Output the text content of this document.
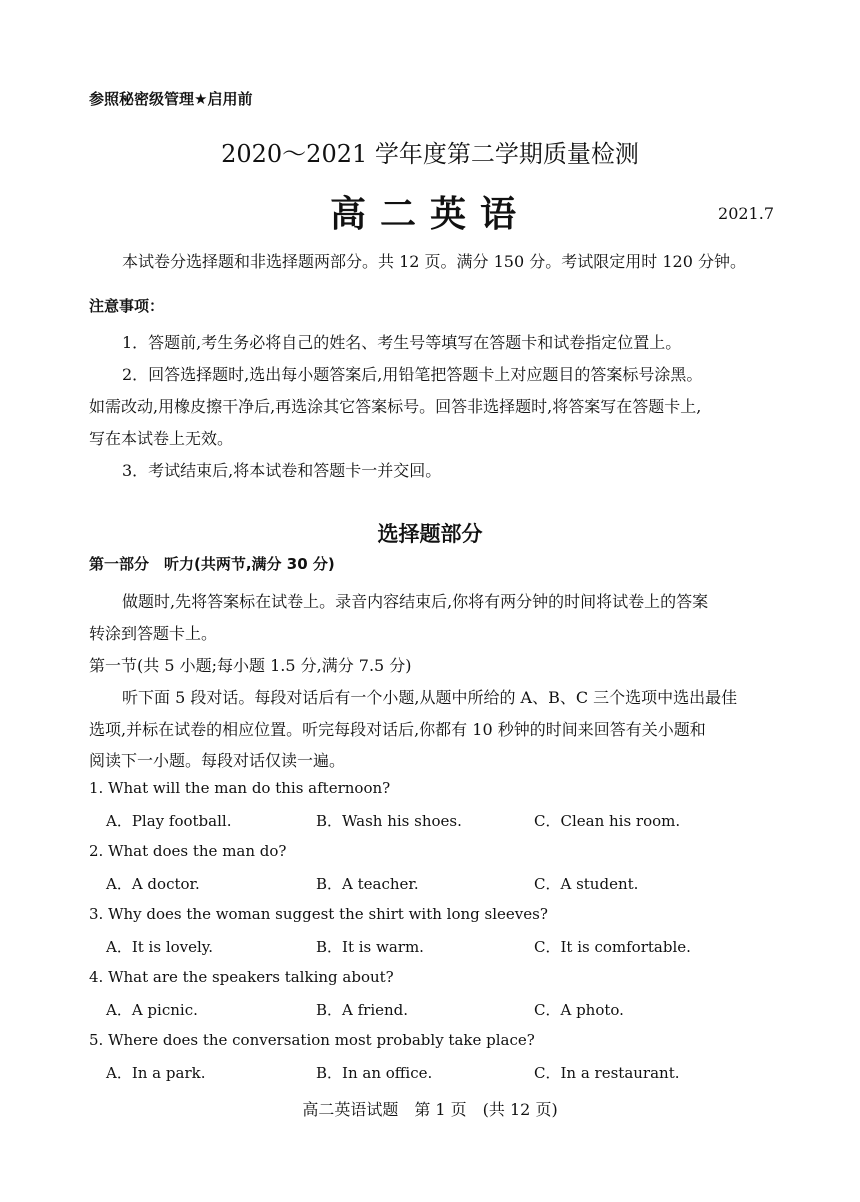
参照秘密级管理★启用前
2020～2021 学年度第二学期质量检测
高二英语	2021.7
本试卷分选择题和非选择题两部分。共 12 页。满分 150 分。考试限定用时 120 分钟。
注意事项：
1．答题前,考生务必将自己的姓名、考生号等填写在答题卡和试卷指定位置上。
2．回答选择题时,选出每小题答案后,用铅笔把答题卡上对应题目的答案标号涂黑。
如需改动,用橡皮擦干净后,再选涂其它答案标号。回答非选择题时,将答案写在答题卡上,
写在本试卷上无效。
3．考试结束后,将本试卷和答题卡一并交回。
选择题部分
第一部分　听力(共两节,满分 30 分)
做题时,先将答案标在试卷上。录音内容结束后,你将有两分钟的时间将试卷上的答案
转涂到答题卡上。
第一节(共 5 小题;每小题 1.5 分,满分 7.5 分)
听下面 5 段对话。每段对话后有一个小题,从题中所给的 A、B、C 三个选项中选出最佳
选项,并标在试卷的相应位置。听完每段对话后,你都有 10 秒钟的时间来回答有关小题和
阅读下一小题。每段对话仅读一遍。
1. What will the man do this afternoon?
A．Play football.	B．Wash his shoes.	C．Clean his room.
2. What does the man do?
A．A doctor.	B．A teacher.	C．A student.
3. Why does the woman suggest the shirt with long sleeves?
A．It is lovely.	B．It is warm.	C．It is comfortable.
4. What are the speakers talking about?
A．A picnic.	B．A friend.	C．A photo.
5. Where does the conversation most probably take place?
A．In a park.	B．In an office.	C．In a restaurant.
高二英语试题　第 1 页　(共 12 页)
